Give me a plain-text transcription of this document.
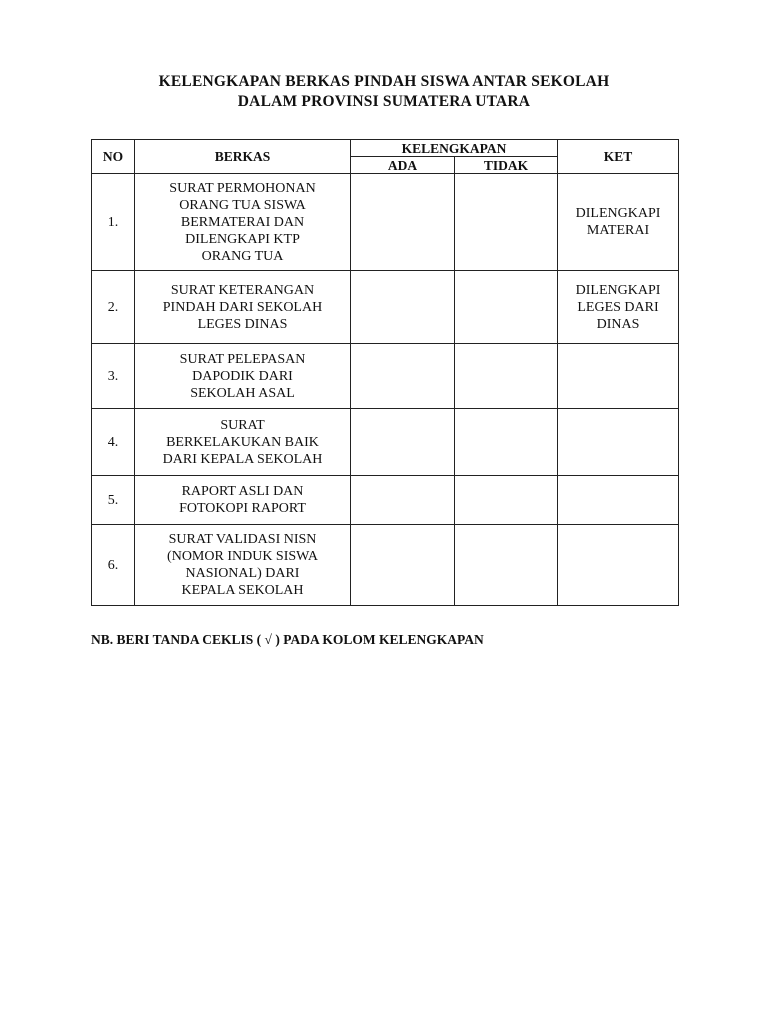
KELENGKAPAN BERKAS PINDAH SISWA ANTAR SEKOLAH
DALAM PROVINSI SUMATERA UTARA
NO	BERKAS	KELENGKAPAN		KET
		ADA	TIDAK	

1.	SURAT PERMOHONAN
ORANG TUA SISWA
BERMATERAI DAN
DILENGKAPI KTP
ORANG TUA			DILENGKAPI
MATERAI

2.	SURAT KETERANGAN
PINDAH DARI SEKOLAH
LEGES DINAS			DILENGKAPI
LEGES DARI
DINAS

3.	SURAT PELEPASAN
DAPODIK DARI
SEKOLAH ASAL			

4.	SURAT
BERKELAKUKAN BAIK
DARI KEPALA SEKOLAH			

5.	RAPORT ASLI DAN
FOTOKOPI RAPORT			

6.	SURAT VALIDASI NISN
(NOMOR INDUK SISWA
NASIONAL) DARI
KEPALA SEKOLAH			

NB. BERI TANDA CEKLIS ( √ ) PADA KOLOM KELENGKAPAN
